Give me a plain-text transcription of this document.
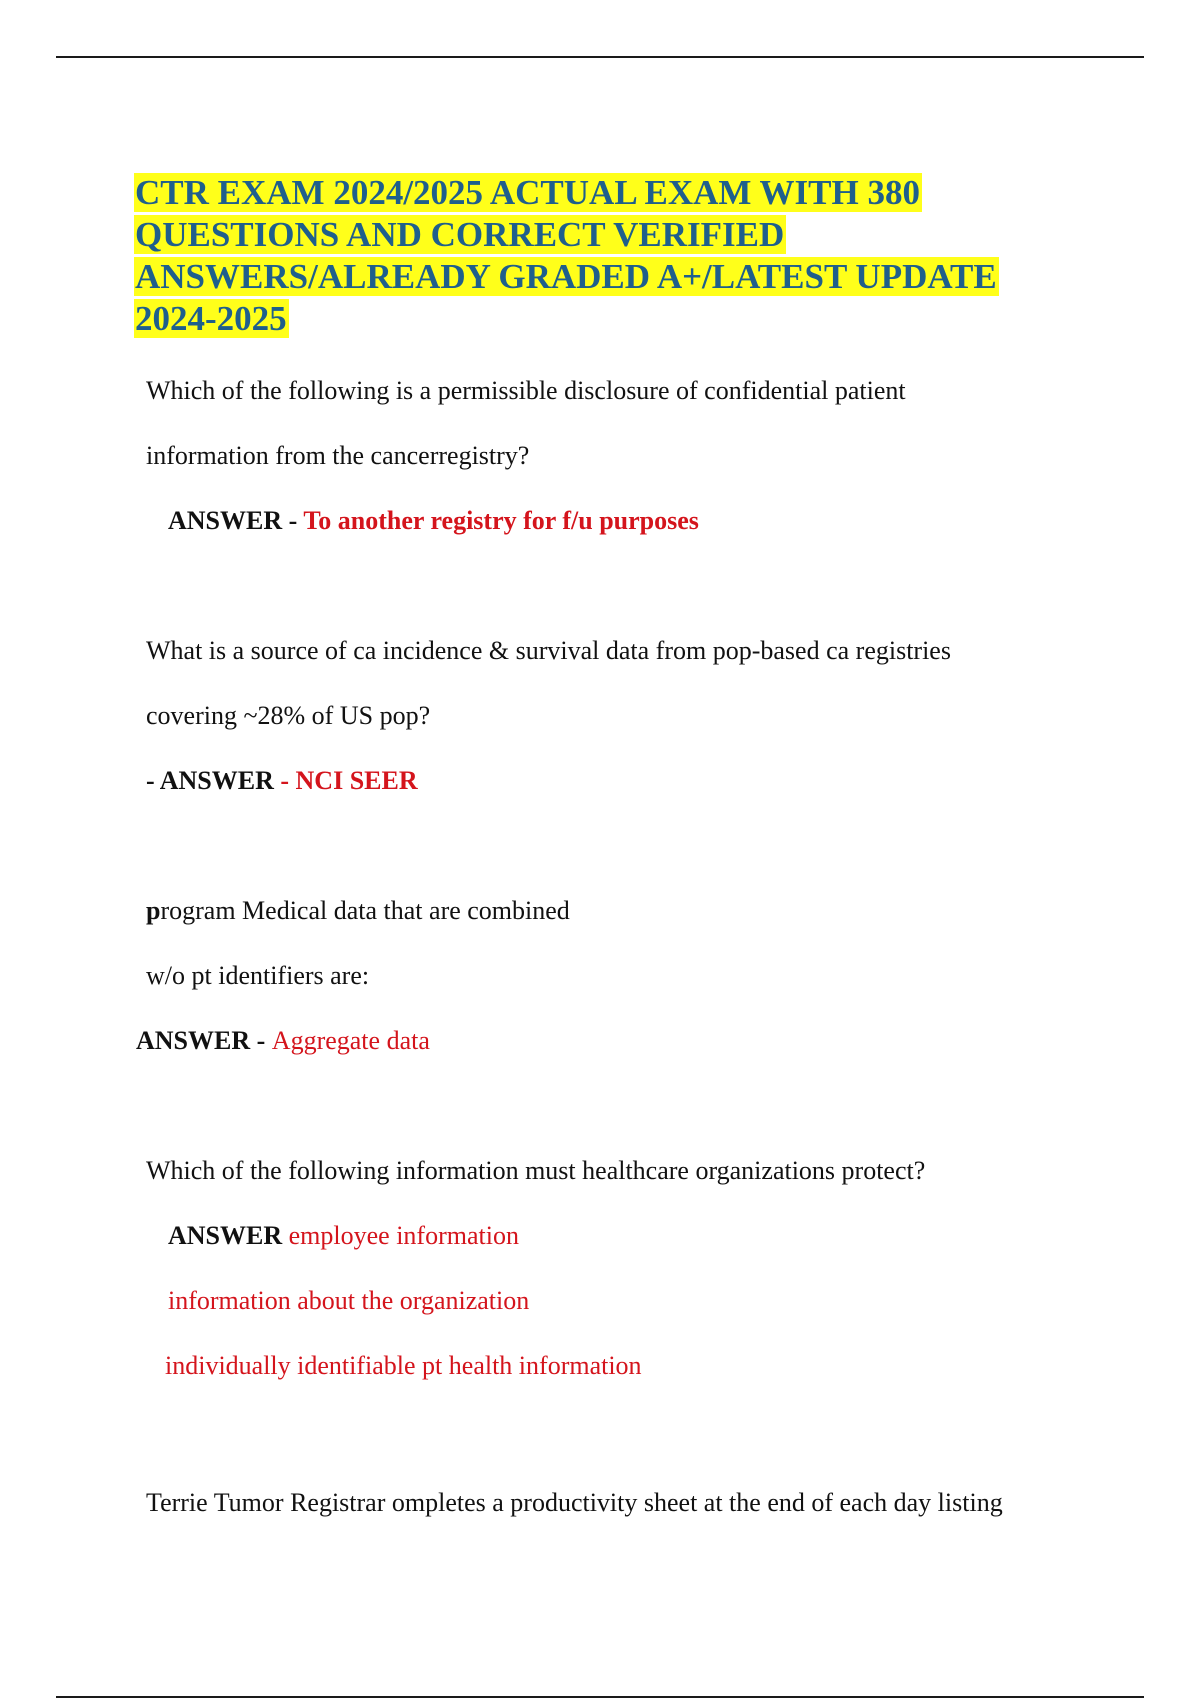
CTR EXAM 2024/2025 ACTUAL EXAM WITH 380
QUESTIONS AND CORRECT VERIFIED
ANSWERS/ALREADY GRADED A+/LATEST UPDATE
2024-2025
Which of the following is a permissible disclosure of confidential patient
information from the cancerregistry?
ANSWER - To another registry for f/u purposes
What is a source of ca incidence & survival data from pop-based ca registries
covering ~28% of US pop?
- ANSWER - NCI SEER
program Medical data that are combined
w/o pt identifiers are:
ANSWER - Aggregate data
Which of the following information must healthcare organizations protect?
ANSWER employee information
information about the organization
individually identifiable pt health information
Terrie Tumor Registrar ompletes a productivity sheet at the end of each day listing
